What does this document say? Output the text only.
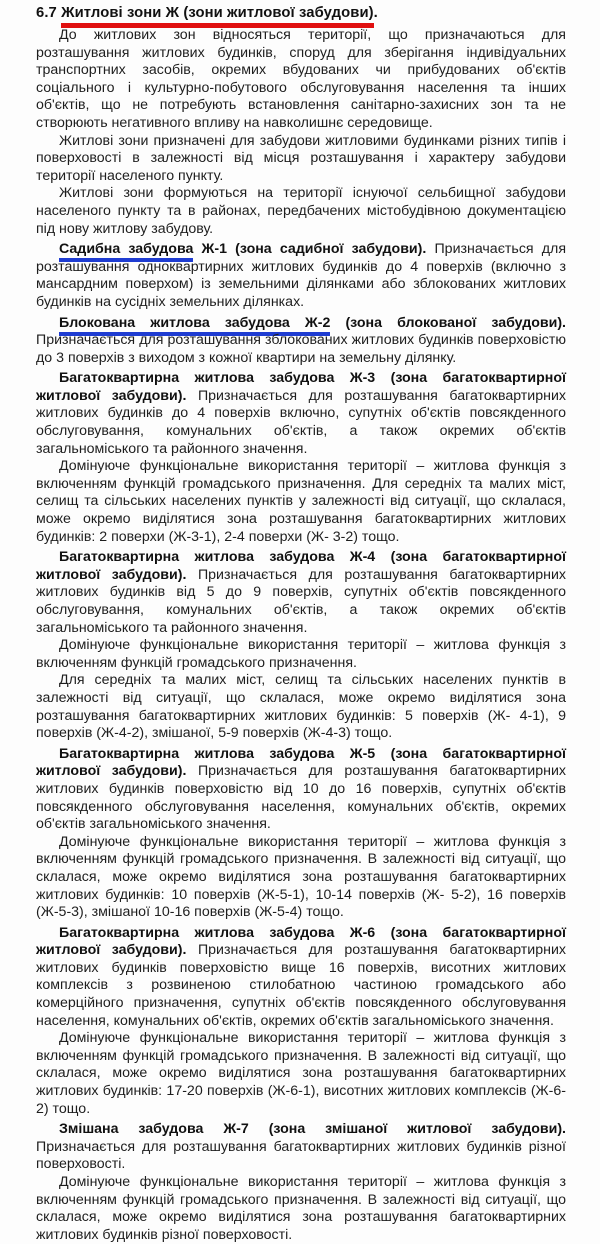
6.7 Житлові зони Ж (зони житлової забудови).

До житлових зон відносяться території, що призначаються для розташування житлових будинків, споруд для зберігання індивідуальних транспортних засобів, окремих вбудованих чи прибудованих об'єктів соціального і культурно-побутового обслуговування населення та інших об'єктів, що не потребують встановлення санітарно-захисних зон та не створюють негативного впливу на навколишнє середовище.

Житлові зони призначені для забудови житловими будинками різних типів і поверховості в залежності від місця розташування і характеру забудови території населеного пункту.

Житлові зони формуються на території існуючої сельбищної забудови населеного пункту та в районах, передбачених містобудівною документацією під нову житлову забудову.

Садибна забудова Ж-1 (зона садибної забудови). Призначається для розташування одноквартирних житлових будинків до 4 поверхів (включно з мансардним поверхом) із земельними ділянками або зблокованих житлових будинків на сусідніх земельних ділянках.

Блокована житлова забудова Ж-2 (зона блокованої забудови). Призначається для розташування зблокованих житлових будинків поверховістю до 3 поверхів з виходом з кожної квартири на земельну ділянку.

Багатоквартирна житлова забудова Ж-3 (зона багатоквартирної житлової забудови). Призначається для розташування багатоквартирних житлових будинків до 4 поверхів включно, супутніх об'єктів повсякденного обслуговування, комунальних об'єктів, а також окремих об'єктів загальноміського та районного значення.

Домінуюче функціональне використання території – житлова функція з включенням функцій громадського призначення. Для середніх та малих міст, селищ та сільських населених пунктів у залежності від ситуації, що склалася, може окремо виділятися зона розташування багатоквартирних житлових будинків: 2 поверхи (Ж-3-1), 2-4 поверхи (Ж- 3-2) тощо.

Багатоквартирна житлова забудова Ж-4 (зона багатоквартирної житлової забудови). Призначається для розташування багатоквартирних житлових будинків від 5 до 9 поверхів, супутніх об'єктів повсякденного обслуговування, комунальних об'єктів, а також окремих об'єктів загальноміського та районного значення.

Домінуюче функціональне використання території – житлова функція з включенням функцій громадського призначення.

Для середніх та малих міст, селищ та сільських населених пунктів в залежності від ситуації, що склалася, може окремо виділятися зона розташування багатоквартирних житлових будинків: 5 поверхів (Ж- 4-1), 9 поверхів (Ж-4-2), змішаної, 5-9 поверхів (Ж-4-3) тощо.

Багатоквартирна житлова забудова Ж-5 (зона багатоквартирної житлової забудови). Призначається для розташування багатоквартирних житлових будинків поверховістю від 10 до 16 поверхів, супутніх об'єктів повсякденного обслуговування населення, комунальних об'єктів, окремих об'єктів загальноміського значення.

Домінуюче функціональне використання території – житлова функція з включенням функцій громадського призначення. В залежності від ситуації, що склалася, може окремо виділятися зона розташування багатоквартирних житлових будинків: 10 поверхів (Ж-5-1), 10-14 поверхів (Ж- 5-2), 16 поверхів (Ж-5-3), змішаної 10-16 поверхів (Ж-5-4) тощо.

Багатоквартирна житлова забудова Ж-6 (зона багатоквартирної житлової забудови). Призначається для розташування багатоквартирних житлових будинків поверховістю вище 16 поверхів, висотних житлових комплексів з розвиненою стилобатною частиною громадського або комерційного призначення, супутніх об'єктів повсякденного обслуговування населення, комунальних об'єктів, окремих об'єктів загальноміського значення.

Домінуюче функціональне використання території – житлова функція з включенням функцій громадського призначення. В залежності від ситуації, що склалася, може окремо виділятися зона розташування багатоквартирних житлових будинків: 17-20 поверхів (Ж-6-1), висотних житлових комплексів (Ж-6-2) тощо.

Змішана забудова Ж-7 (зона змішаної житлової забудови). Призначається для розташування багатоквартирних житлових будинків різної поверховості.

Домінуюче функціональне використання території – житлова функція з включенням функцій громадського призначення. В залежності від ситуації, що склалася, може окремо виділятися зона розташування багатоквартирних житлових будинків різної поверховості.
